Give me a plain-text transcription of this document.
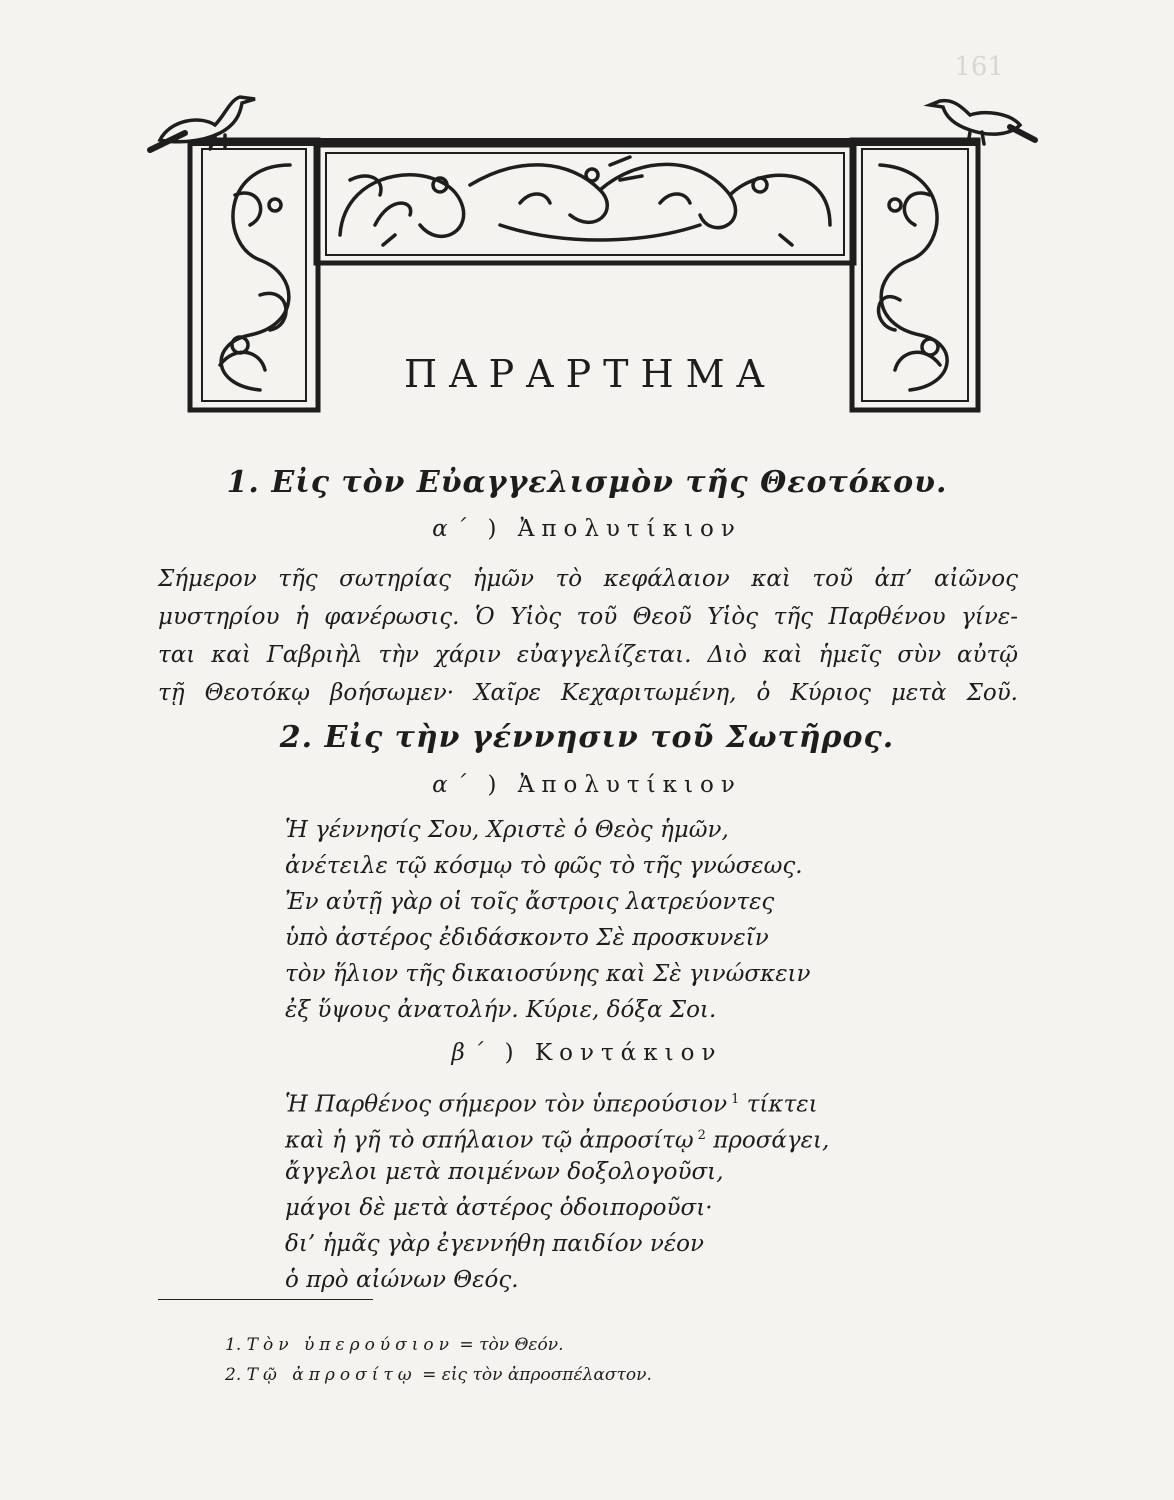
161
ΠΑΡΑΡΤΗΜΑ
1. Εἰς τὸν Εὐαγγελισμὸν τῆς Θεοτόκου.
α΄ ) Ἀπολυτίκιον
Σήμερον τῆς σωτηρίας ἡμῶν τὸ κεφάλαιον καὶ τοῦ ἀπ’ αἰῶνος
μυστηρίου ἡ φανέρωσις. Ὁ Υἱὸς τοῦ Θεοῦ Υἱὸς τῆς Παρθένου γίνε-
ται καὶ Γαβριὴλ τὴν χάριν εὐαγγελίζεται. Διὸ καὶ ἡμεῖς σὺν αὐτῷ
τῇ Θεοτόκῳ βοήσωμεν· Χαῖρε Κεχαριτωμένη, ὁ Κύριος μετὰ Σοῦ.
2. Εἰς τὴν γέννησιν τοῦ Σωτῆρος.
α΄ ) Ἀπολυτίκιον
Ἡ γέννησίς Σου, Χριστὲ ὁ Θεὸς ἡμῶν,
ἀνέτειλε τῷ κόσμῳ τὸ φῶς τὸ τῆς γνώσεως.
Ἐν αὐτῇ γὰρ οἱ τοῖς ἄστροις λατρεύοντες
ὑπὸ ἀστέρος ἐδιδάσκοντο Σὲ προσκυνεῖν
τὸν ἥλιον τῆς δικαιοσύνης καὶ Σὲ γινώσκειν
ἐξ ὕψους ἀνατολήν. Κύριε, δόξα Σοι.
β΄ ) Κοντάκιον
Ἡ Παρθένος σήμερον τὸν ὑπερούσιον $^1$ τίκτει
καὶ ἡ γῆ τὸ σπήλαιον τῷ ἀπροσίτῳ $^2$ προσάγει,
ἄγγελοι μετὰ ποιμένων δοξολογοῦσι,
μάγοι δὲ μετὰ ἀστέρος ὁδοιποροῦσι·
δι’ ἡμᾶς γὰρ ἐγεννήθη παιδίον νέον
ὁ πρὸ αἰώνων Θεός.
1. Τὸν ὑπερούσιον = τὸν Θεόν.
2. Τῷ ἀπροσίτῳ = εἰς τὸν ἀπροσπέλαστον.
